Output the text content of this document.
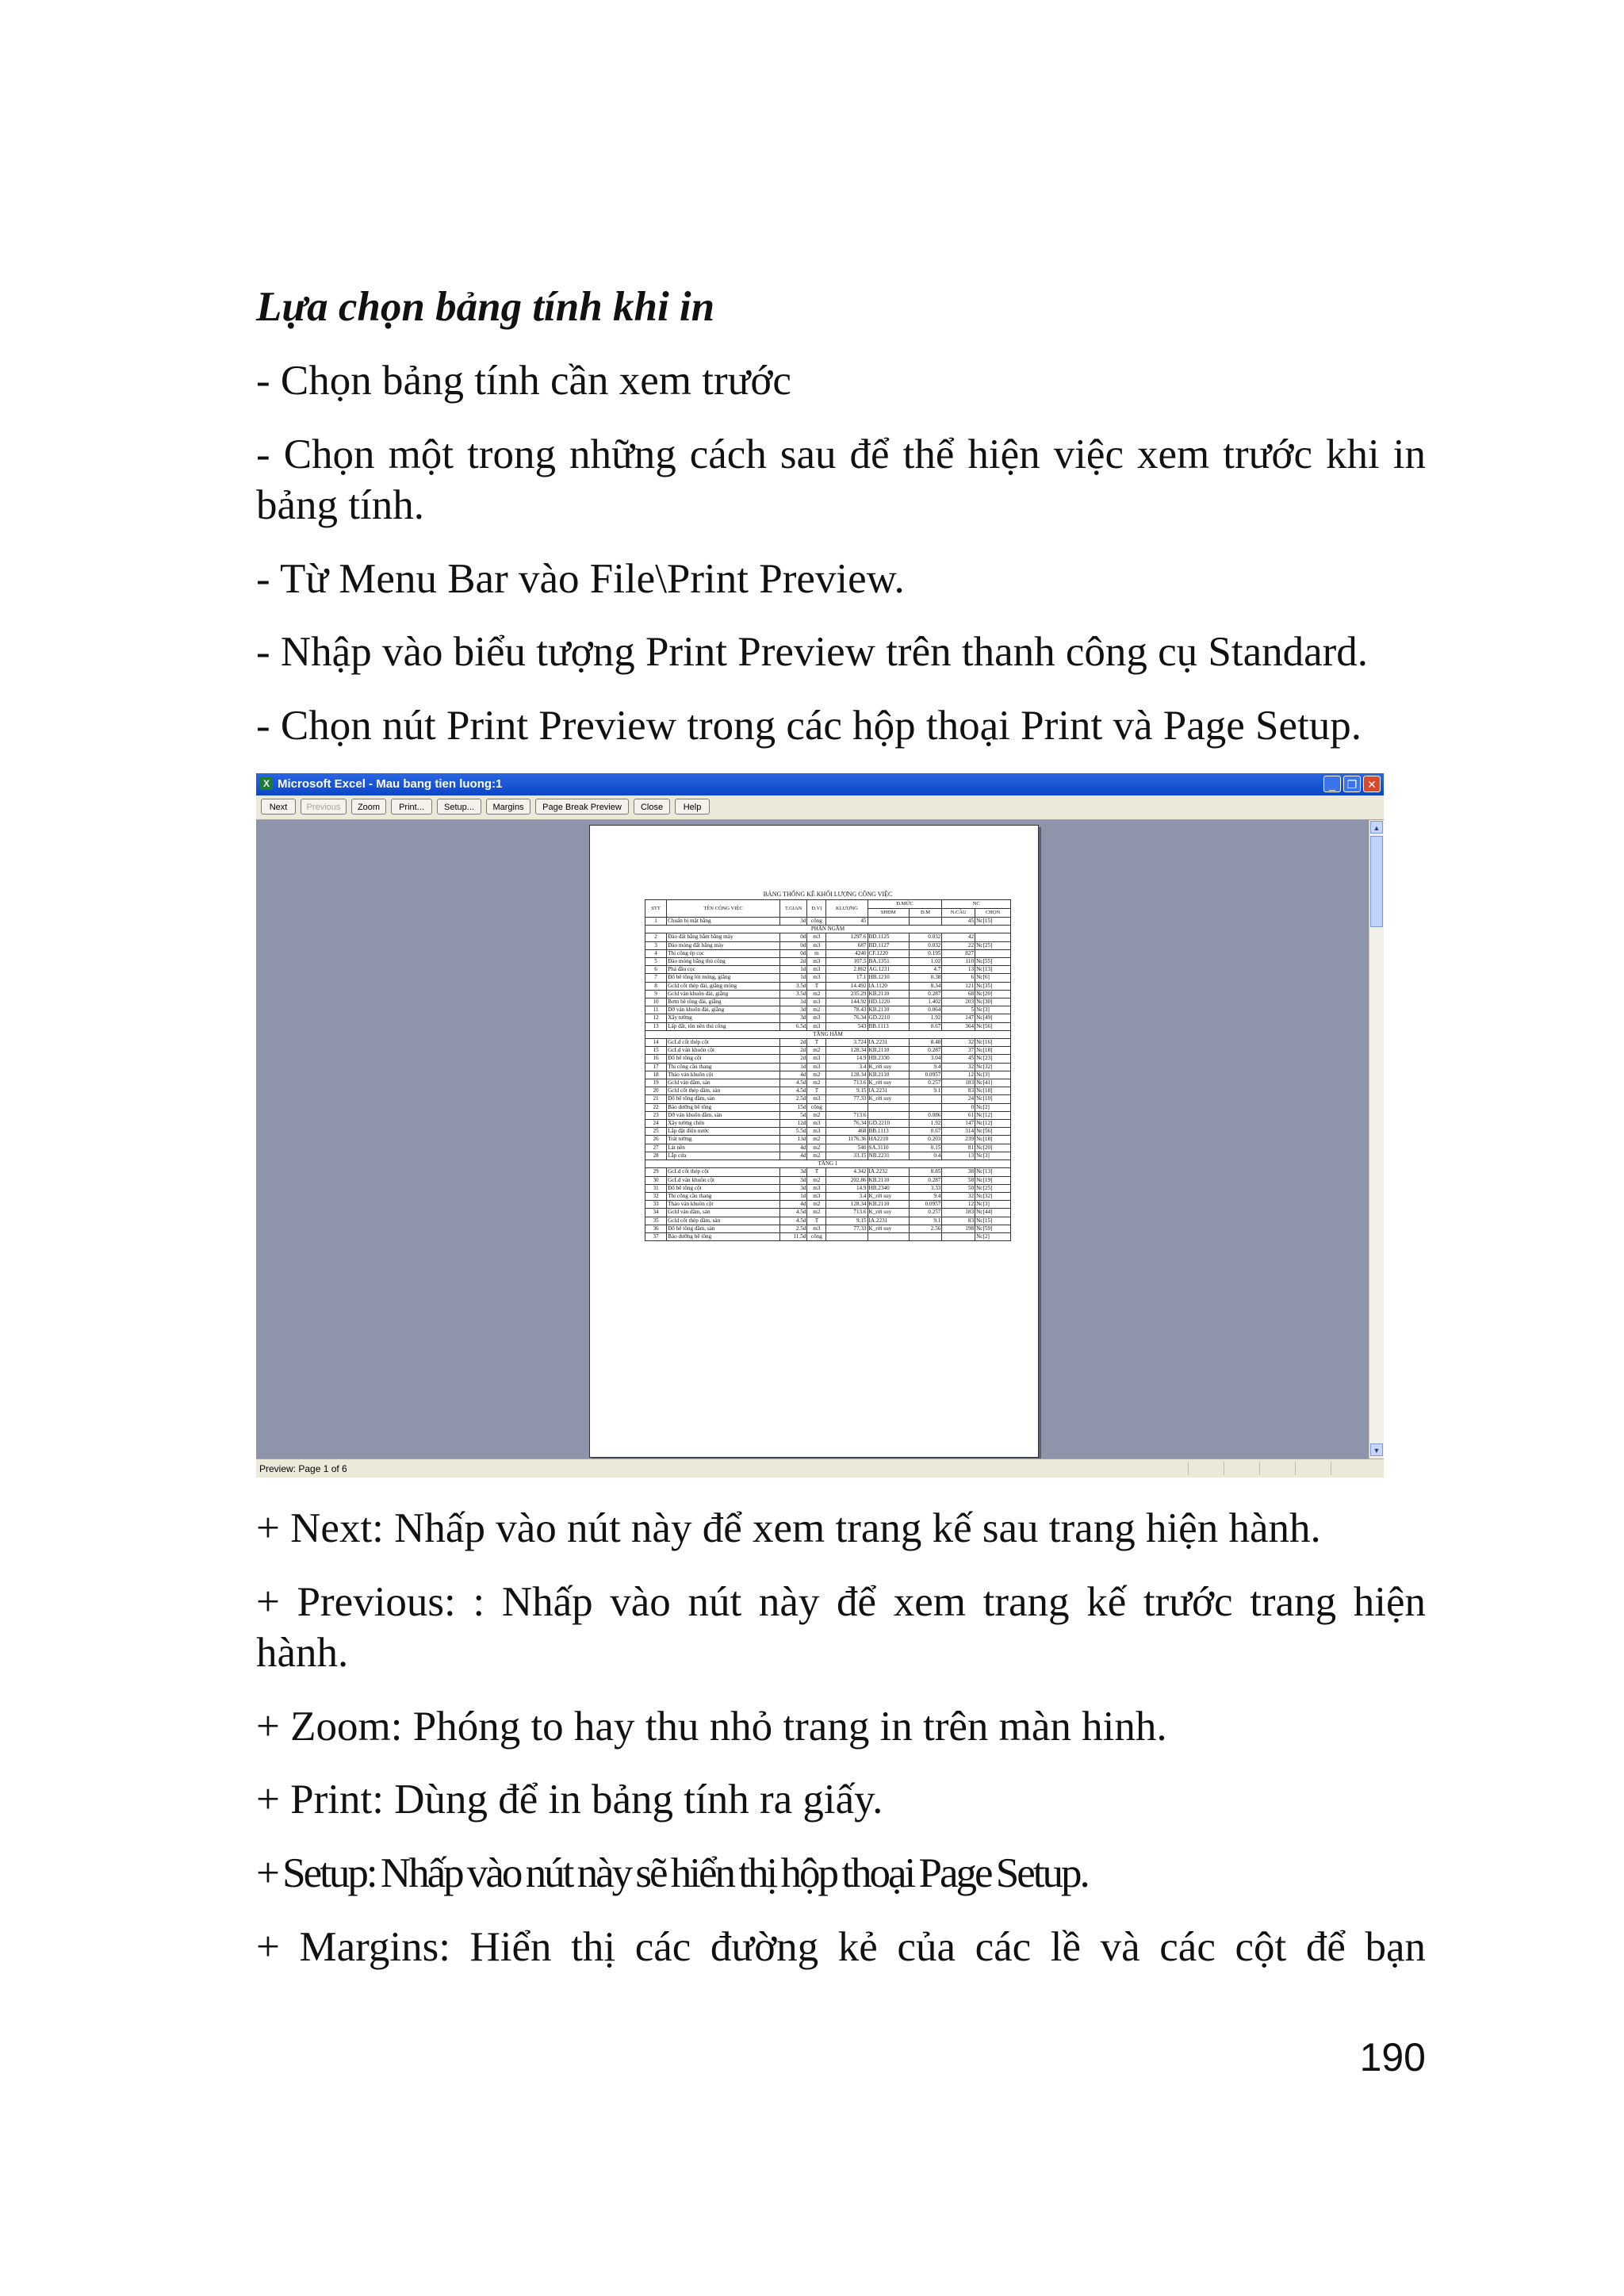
Lựa chọn bảng tính khi in

- Chọn bảng tính cần xem trước

- Chọn một trong những cách sau để thể hiện việc xem trước khi in bảng tính.

- Từ Menu Bar vào File\Print Preview.

- Nhập vào biểu tượng Print Preview trên thanh công cụ Standard.

- Chọn nút Print Preview trong các hộp thoại Print và Page Setup.

X Microsoft Excel - Mau bang tien luong:1	_	❐ ✕
Next	Previous	Zoom	Print...	Setup...	Margins	Page Break Preview	Close	Help
BẢNG THỐNG KÊ KHỐI LƯỢNG CÔNG VIỆC
STT	TÊN CÔNG VIỆC	T.GIAN	Đ.VỊ	KLƯỢNG	Đ.MỨC		NC	
					SHĐM	Đ.M	N.CẦU	CHỌN
1	Chuẩn bị mặt bằng	3d	công	45			45	Nc[15]
PHẦN NGẦM								
2	Đào đất bằng bằm bằng máy	0d	m3	1297.6	BD.1125	0.032	42	
3	Đào móng đất bằng máy	0d	m3	687	BD.1127	0.032	22	Nc[25]
4	Thi công ép cọc	0d	m	4240	CF.1220	0.195	827	
5	Đào móng bằng thủ công	2d	m3	107.5	BA.1351	1.02	110	Nc[55]
6	Phá đầu cọc	1d	m3	2.862	AG.1231	4.7	13	Nc[13]
7	Đổ bê tông lót móng, giằng	1d	m3	17.1	HB.1210	0.38	6	Nc[6]
8	Gcld cốt thép đài, giằng móng	3.5d	T	14.492	IA.1120	8.34	121	Nc[35]
9	Gcld ván khuôn đài, giằng	3.5d	m2	235.29	KB.2110	0.287	68	Nc[20]
10	Bơm bê tông đài, giằng	1d	m3	144.92	HD.1220	1.402	203	Nc[30]
11	Dỡ ván khuôn đài, giằng	3d	m2	78.43	KB.2110	0.064	5	Nc[3]
12	Xây tường	3d	m3	76.34	GD.2210	1.92	147	Nc[49]
13	Lấp đất, tôn nền thủ công	6.5d	m3	543	BB.1113	0.67	364	Nc[56]
TẦNG HẦM								
14	GcLd cốt thép cột	2d	T	3.724	IA.2231	8.48	32	Nc[16]
15	GcLd ván khuôn cột	2d	m2	128.34	KB.2110	0.287	37	Nc[18]
16	Đổ bê tông cột	2d	m3	14.9	HB.2330	3.04	45	Nc[23]
17	Thi công cầu thang	1d	m3	3.4	K_rời suy	9.4	32	Nc[32]
18	Tháo ván khuôn cột	4d	m2	128.34	KB.2110	0.0957	12	Nc[3]
19	Gcld ván dầm, sàn	4.5d	m2	713.6	K_rời suy	0.257	183	Nc[41]
20	Gcld cốt thép dầm, sàn	4.5d	T	9.15	IA.2231	9.1	83	Nc[18]
21	Đổ bê tông dầm, sàn	2.5d	m3	77.33	K_rời suy		24	Nc[10]
22	Bảo dưỡng bê tông	15d	công				0	Nc[2]
23	Dỡ ván khuôn dầm, sàn	5d	m2	713.6		0.086	61	Nc[12]
24	Xây tường chèn	12d	m3	76.34	GD.2210	1.92	147	Nc[12]
25	Lắp đặt điện nước	5.5d	m3	468	BB.1113	0.67	314	Nc[56]
26	Trát tường	13d	m2	1176.36	HA2210	0.203	239	Nc[18]
27	Lát nền	4d	m2	540	SA.3110	0.15	81	Nc[20]
28	Lắp cửa	4d	m2	33.15	NB.2231	0.4	13	Nc[3]
TẦNG 1								
29	GcLd cốt thép cột	3d	T	4.342	IA.2232	8.85	38	Nc[13]
30	GcLd ván khuôn cột	3d	m2	202.86	KB.2110	0.287	58	Nc[19]
31	Đổ bê tông cột	3d	m3	14.9	HB.2340	3.33	50	Nc[25]
32	Thi công cầu thang	1d	m3	3.4	K_rời suy	9.4	32	Nc[32]
33	Tháo ván khuôn cột	4d	m2	128.34	KB.2110	0.0957	12	Nc[3]
34	Gcld ván dầm, sàn	4.5d	m2	713.6	K_rời suy	0.257	183	Nc[44]
35	Gcld cốt thép dầm, sàn	4.5d	T	9.15	IA.2231	9.1	83	Nc[15]
36	Đổ bê tông dầm, sàn	2.5d	m3	77.33	K_rời suy	2.56	198	Nc[59]
37	Bảo dưỡng bê tông	11.5d	công					Nc[2]
▲
▼
Preview: Page 1 of 6

+ Next: Nhấp vào nút này để xem trang kế sau trang hiện hành.

+ Previous: : Nhấp vào nút này để xem trang kế trước trang hiện hành.

+ Zoom: Phóng to hay thu nhỏ trang in trên màn hinh.

+ Print: Dùng để in bảng tính ra giấy.

+ Setup: Nhấp vào nút này sẽ hiển thị hộp thoại Page Setup.

+ Margins: Hiển thị các đường kẻ của các lề và các cột để bạn

190
